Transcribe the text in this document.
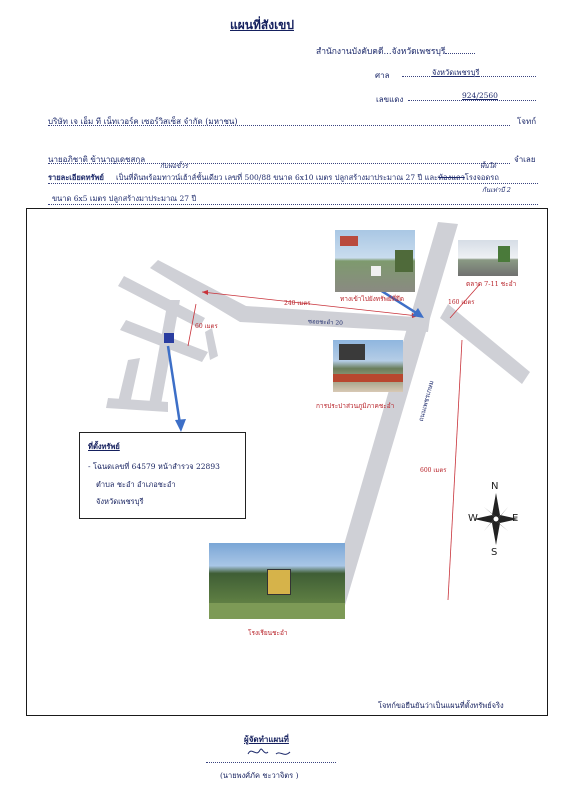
แผนที่สังเขป
สำนักงานบังคับคดี...จังหวัดเพชรบุรี
ศาล	จังหวัดเพชรบุรี
เลขแดง	924/2560
บริษัท เจ เอ็ม ที เน็ทเวอร์ค เซอร์วิสเซ็ส จำกัด (มหาชน)	โจทก์
นายอภิชาติ ข้านาญเดชสกุล	จำเลย
กับพ่อขั้วร	พื้นใต้
รายละเอียดทรัพย์ เป็นที่ดินพร้อมทาวน์เฮ้าส์ชั้นเดียว เลขที่ 500/88 ขนาด 6x10 เมตร ปลูกสร้างมาประมาณ 27 ปี และห้องแถวโรงจอดรถ
กันเท่าบี 2
ขนาด 6x5 เมตร ปลูกสร้างมาประมาณ 27 ปี
ซอยชะอำ 20
ถนนเพชรเกษม
240 เมตร
60 เมตร
160 เมตร
600 เมตร
ทางเข้าไปยังทรัพย์ที่ยึด
ตลาด 7-11 ชะอำ
การประปาส่วนภูมิภาคชะอำ
โรงเรียนชะอำ
ที่ตั้งทรัพย์
- โฉนดเลขที่ 64579 หน้าสำรวจ 22893
ตำบล ชะอำ อำเภอชะอำ
จังหวัดเพชรบุรี
N
S
W	E
โจทก์ขอยืนยันว่าเป็นแผนที่ตั้งทรัพย์จริง
ผู้จัดทำแผนที่
(นายพงศ์ภัค ชะวาจิตร )
